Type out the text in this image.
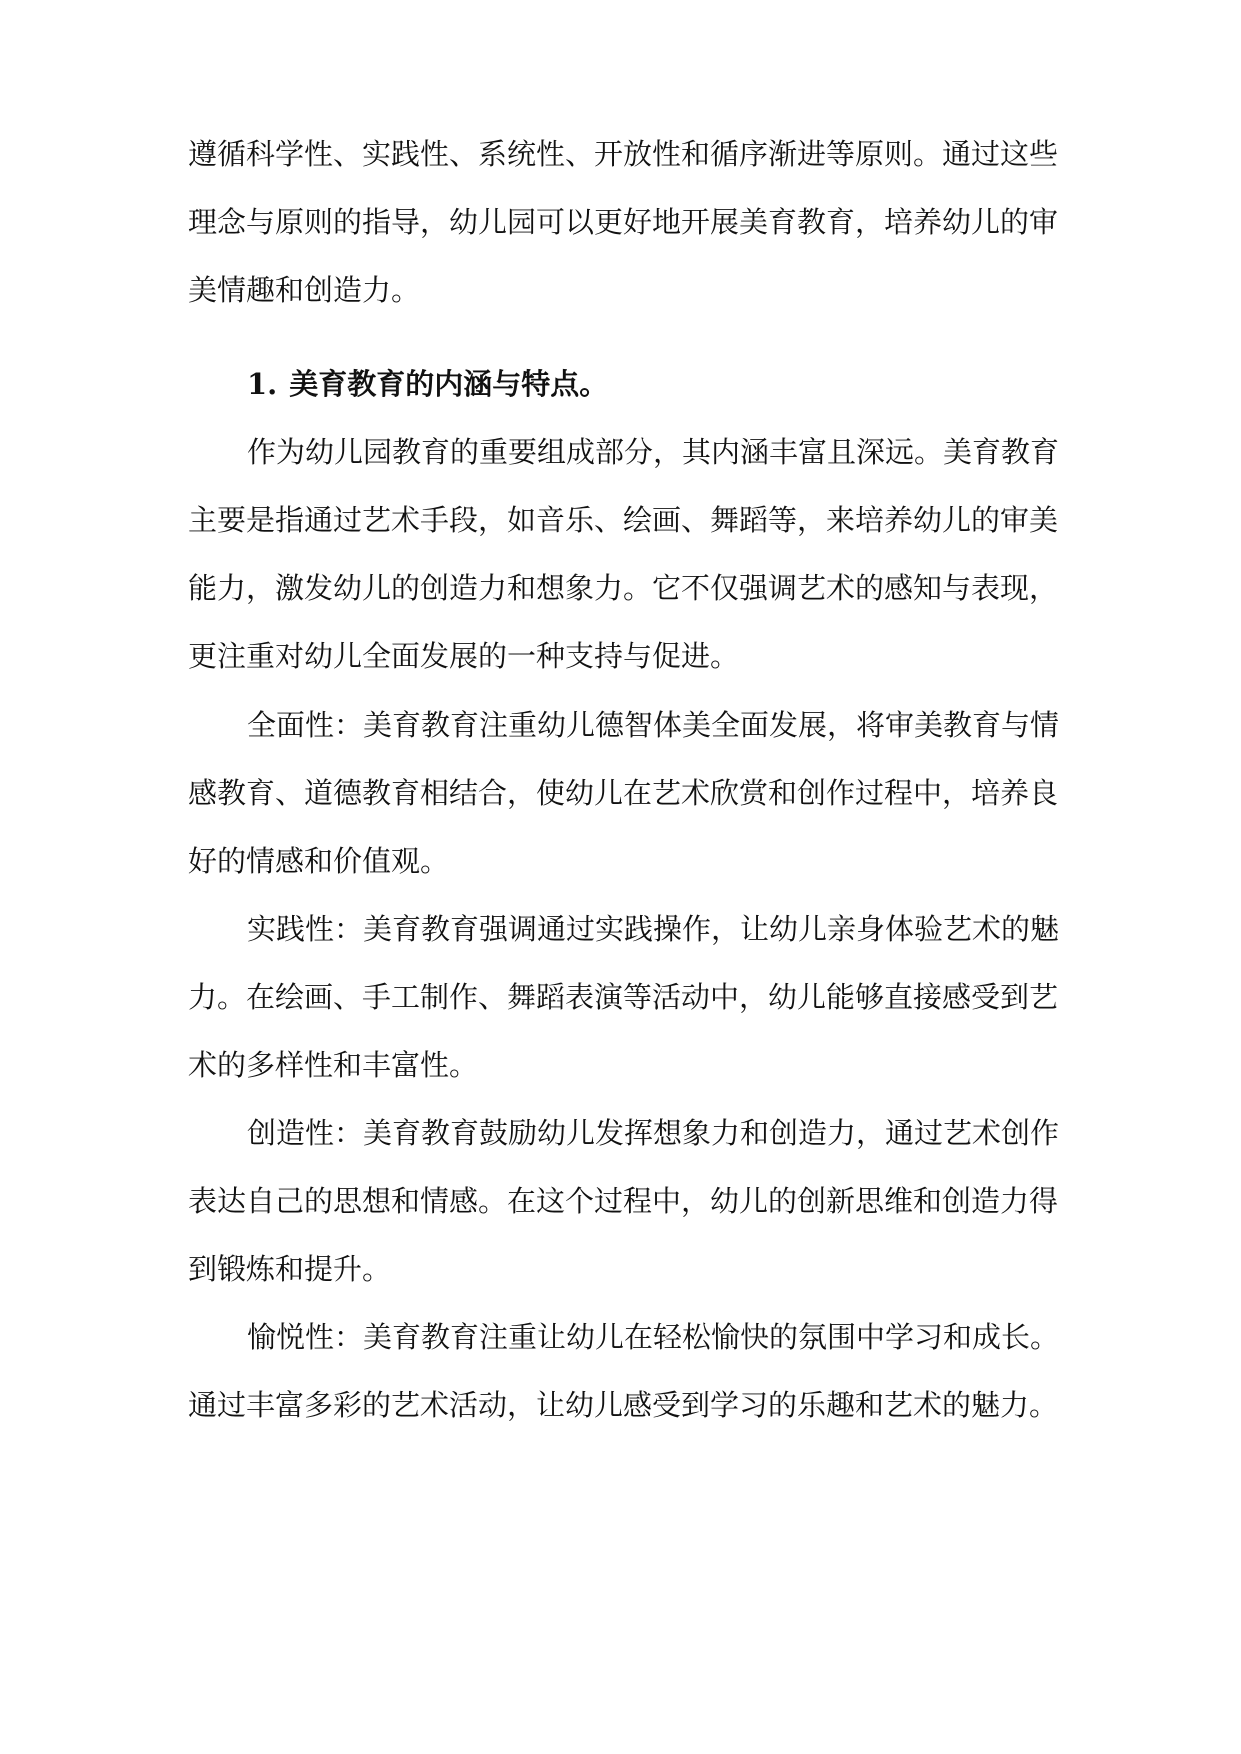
遵循科学性、实践性、系统性、开放性和循序渐进等原则。通过这些
理念与原则的指导，幼儿园可以更好地开展美育教育，培养幼儿的审
美情趣和创造力。
1. 美育教育的内涵与特点。
作为幼儿园教育的重要组成部分，其内涵丰富且深远。美育教育
主要是指通过艺术手段，如音乐、绘画、舞蹈等，来培养幼儿的审美
能力，激发幼儿的创造力和想象力。它不仅强调艺术的感知与表现，
更注重对幼儿全面发展的一种支持与促进。
全面性：美育教育注重幼儿德智体美全面发展，将审美教育与情
感教育、道德教育相结合，使幼儿在艺术欣赏和创作过程中，培养良
好的情感和价值观。
实践性：美育教育强调通过实践操作，让幼儿亲身体验艺术的魅
力。在绘画、手工制作、舞蹈表演等活动中，幼儿能够直接感受到艺
术的多样性和丰富性。
创造性：美育教育鼓励幼儿发挥想象力和创造力，通过艺术创作
表达自己的思想和情感。在这个过程中，幼儿的创新思维和创造力得
到锻炼和提升。
愉悦性：美育教育注重让幼儿在轻松愉快的氛围中学习和成长。
通过丰富多彩的艺术活动，让幼儿感受到学习的乐趣和艺术的魅力。
